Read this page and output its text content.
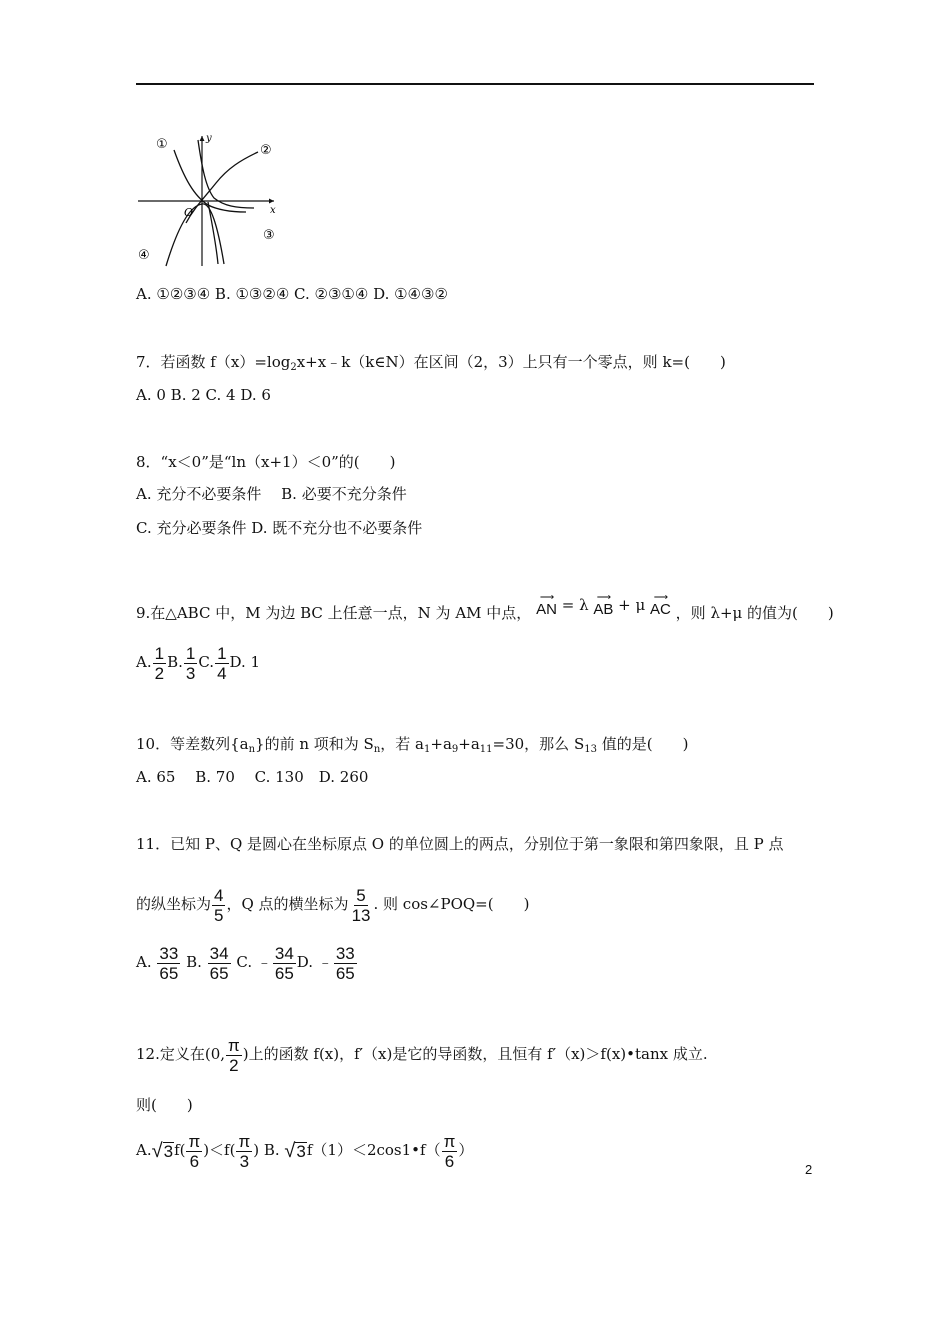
①	②
③
④
y
x
O
A. ①②③④ B. ①③②④ C. ②③①④ D. ①④③②
7．若函数 $f(x)=\log_2x+x﹣k(k\in N)$在区间（2，3）上只有一个零点，则 k=(　　)
A. 0 B. 2 C. 4 D. 6
8．“x＜0”是“ln（x+1）＜0”的(　　)
A. 充分不必要条件　 B. 必要不充分条件
C. 充分必要条件 D. 既不充分也不必要条件
9.在△ABC 中，M 为边 BC 上任意一点，N 为 AM 中点，
⟶
AN = λ ⟶
AB + μ ⟶
AC ，则 λ+μ 的值为(　　)
A. $\frac{1}{2} B$. $\frac{1}{3} C$. $\frac{1}{4} D$. 1
10．等差数列$\{a_n\}$的前 n 项和为 $S_n$，若 $a_1+a_9+a_{11}=30$，那么 $S_{13}$ 值的是(　　)
A. 65　 B. 70　 C. 130　D. 260
11．已知 P、Q 是圆心在坐标原点 O 的单位圆上的两点，分别位于第一象限和第四象限，且 P 点
的纵坐标为 $\frac{4}{5}$ ，Q 点的横坐标为 $\frac{5}{13}$ . 则 cos∠POQ=(　　)
A. $\frac{33}{65} B$. $\frac{34}{65} C$. ﹣ $\frac{34}{65} D$. ﹣ $\frac{33}{65}$
12.定义在(0, $\frac{\pi}{2}$ )上的函数 f(x)，f′（x)是它的导函数，且恒有 f′（x)＞f(x)•tanx 成立.
则(　　)
A. √ 3 $f( \frac{\pi}{6} )<f( \frac{\pi}{3}$ ) B. √ 3 f（1）＜2cos1•f（ $\frac{\pi}{6}$ ）
2
